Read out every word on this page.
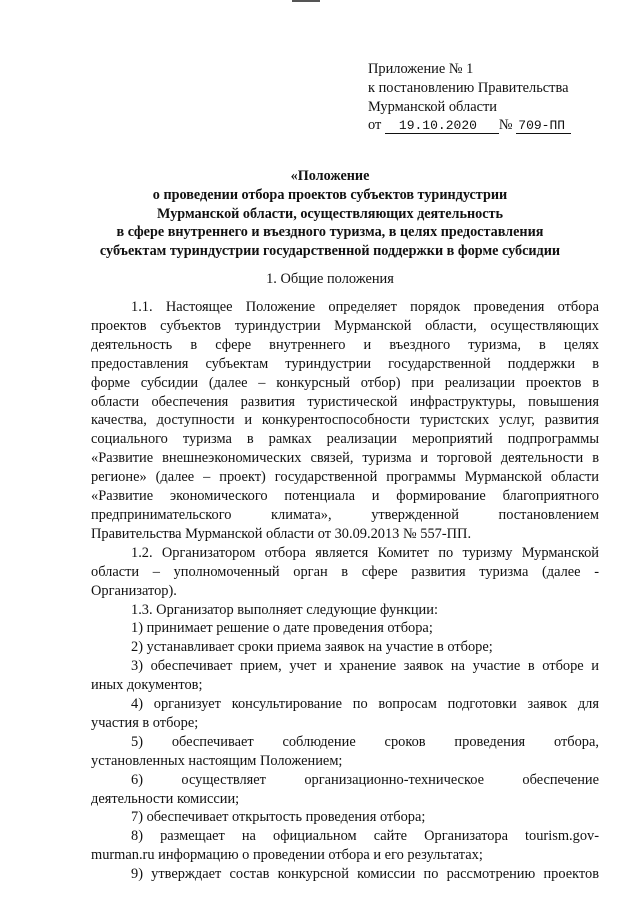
Приложение № 1
к постановлению Правительства
Мурманской области
от 19.10.2020 № 709-ПП
«Положение
о проведении отбора проектов субъектов туриндустрии
Мурманской области, осуществляющих деятельность
в сфере внутреннего и въездного туризма, в целях предоставления
субъектам туриндустрии государственной поддержки в форме субсидии
1. Общие положения
1.1. Настоящее Положение определяет порядок проведения отбора
проектов субъектов туриндустрии Мурманской области, осуществляющих
деятельность в сфере внутреннего и въездного туризма, в целях
предоставления субъектам туриндустрии государственной поддержки в
форме субсидии (далее – конкурсный отбор) при реализации проектов в
области обеспечения развития туристической инфраструктуры, повышения
качества, доступности и конкурентоспособности туристских услуг, развития
социального туризма в рамках реализации мероприятий подпрограммы
«Развитие внешнеэкономических связей, туризма и торговой деятельности в
регионе» (далее – проект) государственной программы Мурманской области
«Развитие экономического потенциала и формирование благоприятного
предпринимательского климата», утвержденной постановлением
Правительства Мурманской области от 30.09.2013 № 557-ПП.
1.2. Организатором отбора является Комитет по туризму Мурманской
области – уполномоченный орган в сфере развития туризма (далее -
Организатор).
1.3. Организатор выполняет следующие функции:
1) принимает решение о дате проведения отбора;
2) устанавливает сроки приема заявок на участие в отборе;
3) обеспечивает прием, учет и хранение заявок на участие в отборе и
иных документов;
4) организует консультирование по вопросам подготовки заявок для
участия в отборе;
5) обеспечивает соблюдение сроков проведения отбора,
установленных настоящим Положением;
6) осуществляет организационно-техническое обеспечение
деятельности комиссии;
7) обеспечивает открытость проведения отбора;
8) размещает на официальном сайте Организатора tourism.gov-
murman.ru информацию о проведении отбора и его результатах;
9) утверждает состав конкурсной комиссии по рассмотрению проектов
